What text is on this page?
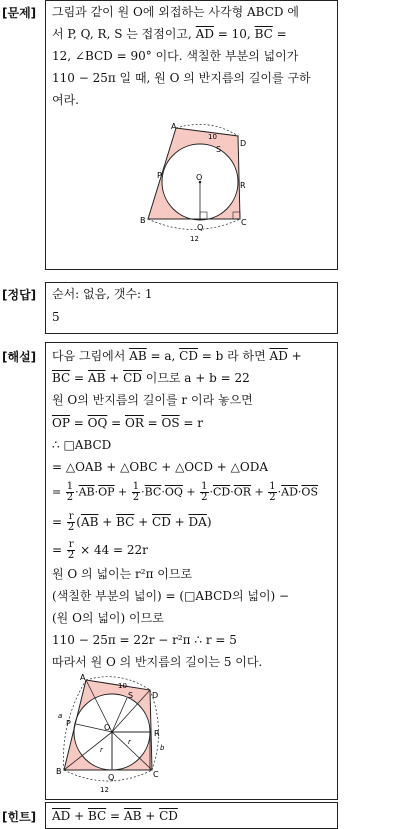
[문제]
[정답]
[해설]
[힌트]
그림과 같이 원 O에 외접하는 사각형 ABCD 에
서 P, Q, R, S 는 접점이고, $\overline{AD} = 10$, $\overline{BC}$ =
12, ∠BCD = 90° 이다. 색칠한 부분의 넓이가
110 − 25π 일 때, 원 O 의 반지름의 길이를 구하
여라.
A
D
B	C
O
P
Q
R
S
10
12
순서: 없음, 갯수: 1
5
다음 그림에서 $\overline{AB} = a$, $\overline{CD} = b$ 라 하면 $\overline{AD}$ +
$\overline{BC} = \overline{AB} + \overline{CD}$ 이므로 a + b = 22
원 O의 반지름의 길이를 r 이라 놓으면
$\overline{OP} = \overline{OQ} = \overline{OR} = \overline{OS} = r$
∴ □ABCD
= △OAB + △OBC + △OCD + △ODA
= $\frac{1}{2} \cdot\overline{AB}\cdot\overline{OP} + \frac{1}{2} \cdot\overline{BC}\cdot\overline{OQ} + \frac{1}{2} \cdot\overline{CD}\cdot\overline{OR} + \frac{1}{2} \cdot\overline{AD}\cdot\overline{OS}$
= $\frac{r}{2} (\overline{AB} + \overline{BC} + \overline{CD} + \overline{DA})$
= $\frac{r}{2} \times 44 = 22r$
원 O 의 넓이는 r²π 이므로
(색칠한 부분의 넓이) = (□ABCD의 넓이) −
(원 O의 넓이) 이므로
110 − 25π = 22r − r²π ∴ r = 5
따라서 원 O 의 반지름의 길이는 5 이다.
A
D
B	C
O
P
Q
R
S
a
b
r
r
10
12
$\overline{AD} + \overline{BC} = \overline{AB} + \overline{CD}$
